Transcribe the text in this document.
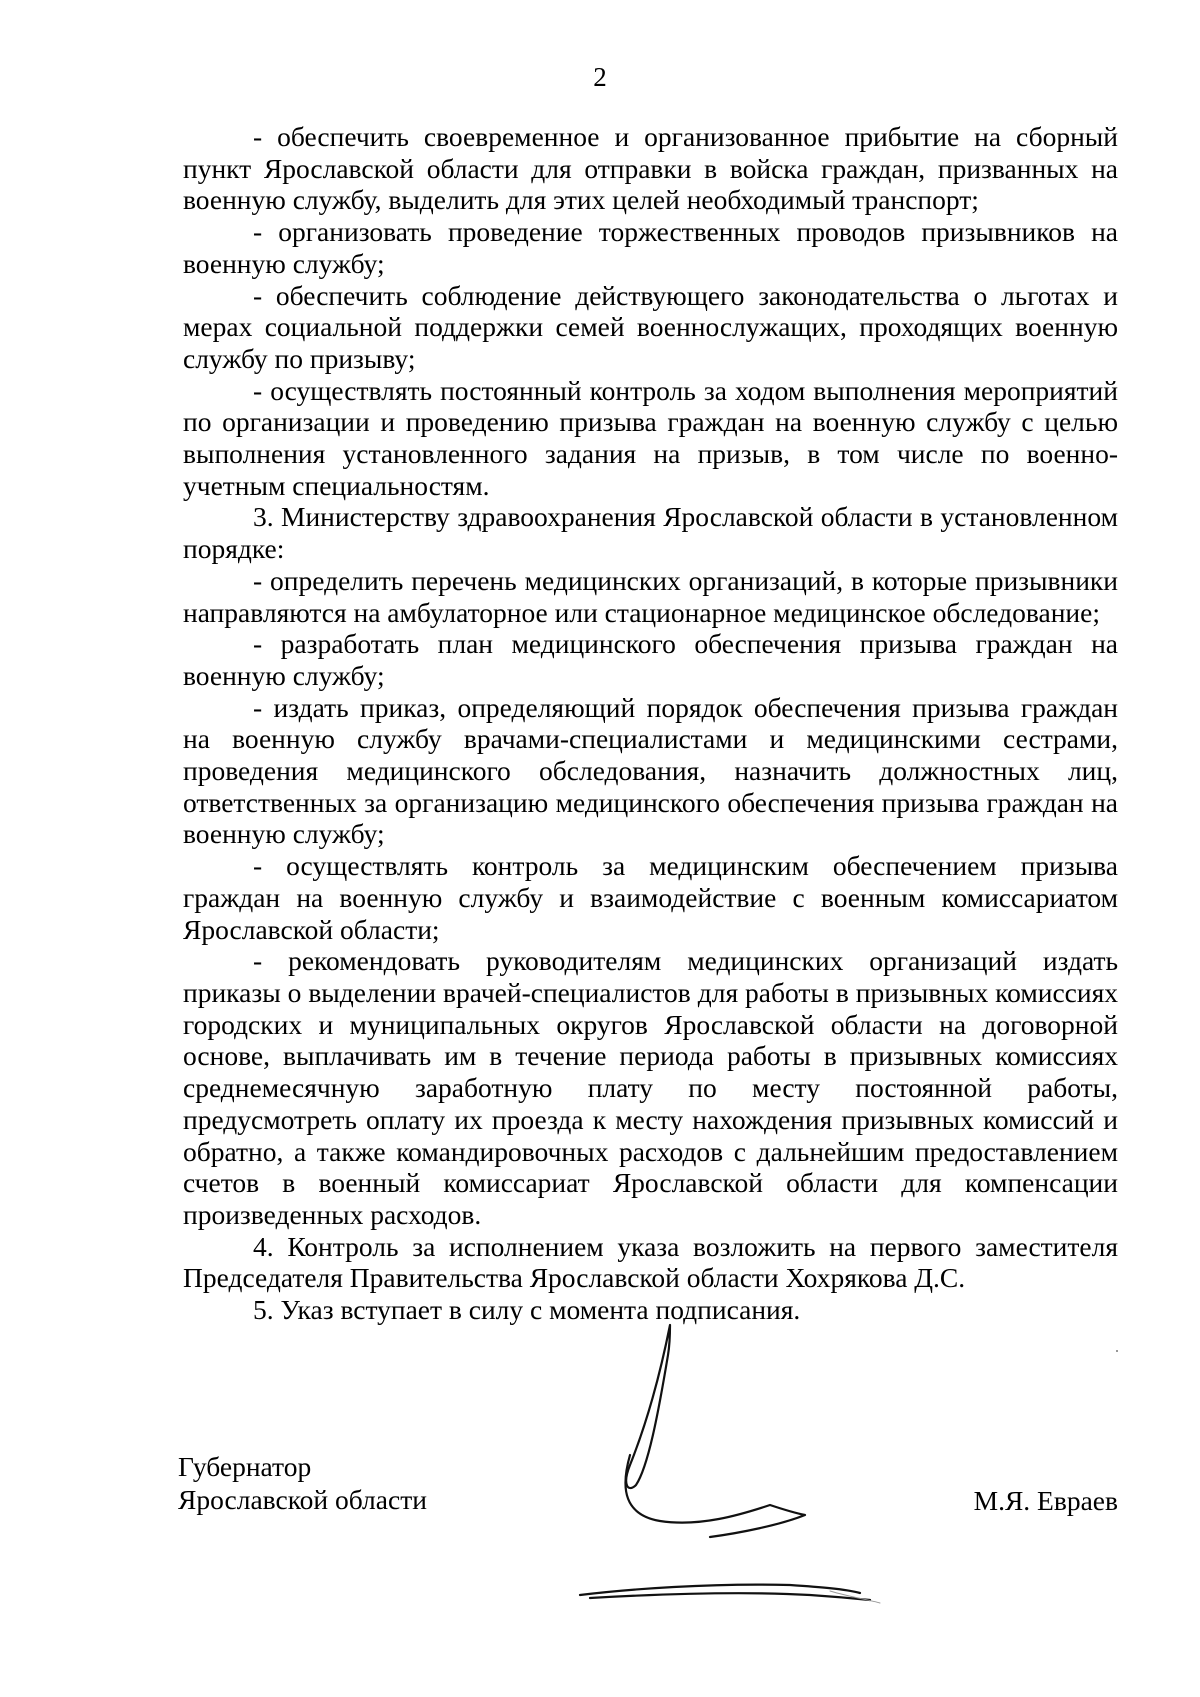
2

- обеспечить своевременное и организованное прибытие на сборный пункт Ярославской области для отправки в войска граждан, призванных на военную службу, выделить для этих целей необходимый транспорт;

- организовать проведение торжественных проводов призывников на военную службу;

- обеспечить соблюдение действующего законодательства о льготах и мерах социальной поддержки семей военнослужащих, проходящих военную службу по призыву;

- осуществлять постоянный контроль за ходом выполнения мероприятий по организации и проведению призыва граждан на военную службу с целью выполнения установленного задания на призыв, в том числе по военно-учетным специальностям.

3. Министерству здравоохранения Ярославской области в установленном порядке:

- определить перечень медицинских организаций, в которые призывники направляются на амбулаторное или стационарное медицинское обследование;

- разработать план медицинского обеспечения призыва граждан на военную службу;

- издать приказ, определяющий порядок обеспечения призыва граждан на военную службу врачами-специалистами и медицинскими сестрами, проведения медицинского обследования, назначить должностных лиц, ответственных за организацию медицинского обеспечения призыва граждан на военную службу;

- осуществлять контроль за медицинским обеспечением призыва граждан на военную службу и взаимодействие с военным комиссариатом Ярославской области;

- рекомендовать руководителям медицинских организаций издать приказы о выделении врачей-специалистов для работы в призывных комиссиях городских и муниципальных округов Ярославской области на договорной основе, выплачивать им в течение периода работы в призывных комиссиях среднемесячную заработную плату по месту постоянной работы, предусмотреть оплату их проезда к месту нахождения призывных комиссий и обратно, а также командировочных расходов с дальнейшим предоставлением счетов в военный комиссариат Ярославской области для компенсации произведенных расходов.

4. Контроль за исполнением указа возложить на первого заместителя Председателя Правительства Ярославской области Хохрякова Д.С.

5. Указ вступает в силу с момента подписания.

Губернатор
Ярославской области	М.Я. Евраев
